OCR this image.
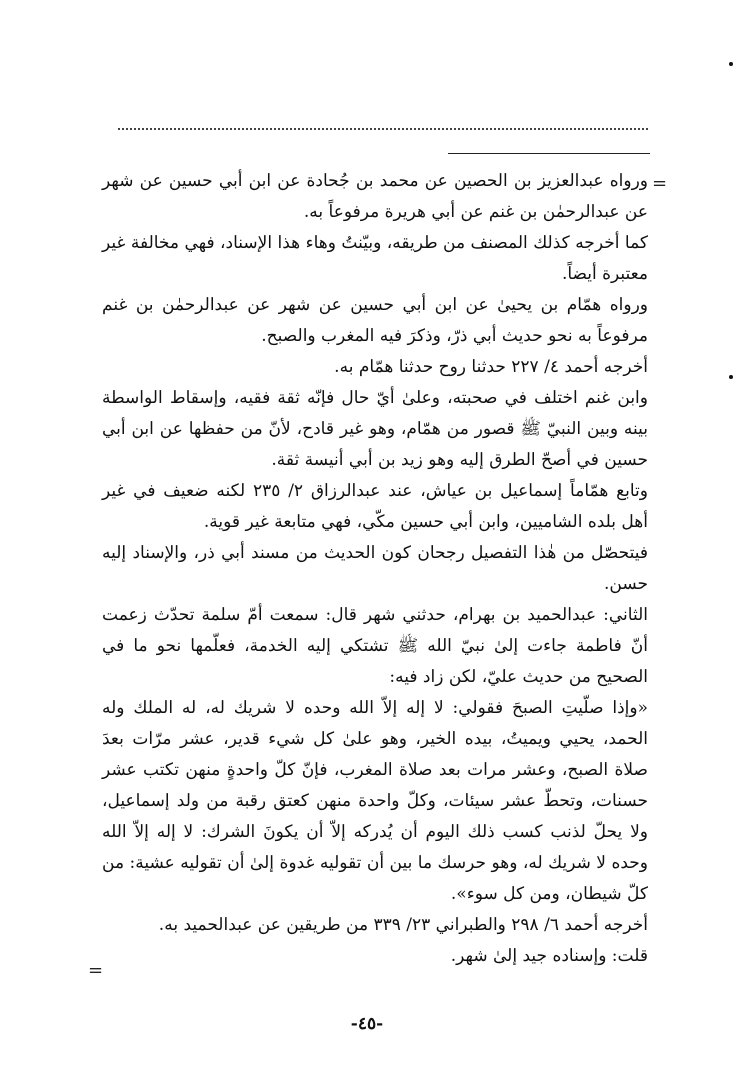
=
=

ورواه عبدالعزيز بن الحصين عن محمد بن جُحادة عن ابن أبي حسين عن شهر عن عبدالرحمٰن بن غنم عن أبي هريرة مرفوعاً به.

كما أخرجه كذلك المصنف من طريقه، وبيّنتُ وهاء هذا الإسناد، فهي مخالفة غير معتبرة أيضاً.

ورواه همّام بن يحيىٰ عن ابن أبي حسين عن شهر عن عبدالرحمٰن بن غنم مرفوعاً به نحو حديث أبي ذرّ، وذكرَ فيه المغرب والصبح.

أخرجه أحمد ٤/ ٢٢٧ حدثنا روح حدثنا همّام به.

وابن غنم اختلف في صحبته، وعلىٰ أيّ حال فإنّه ثقة فقيه، وإسقاط الواسطة بينه وبين النبيّ ﷺ قصور من همّام، وهو غير قادح، لأنّ من حفظها عن ابن أبي حسين في أصحّ الطرق إليه وهو زيد بن أبي أنيسة ثقة.

وتابع همّاماً إسماعيل بن عياش، عند عبدالرزاق ٢/ ٢٣٥ لكنه ضعيف في غير أهل بلده الشاميين، وابن أبي حسين مكّي، فهي متابعة غير قوية.

فيتحصّل من هٰذا التفصيل رجحان كون الحديث من مسند أبي ذر، والإسناد إليه حسن.

الثاني: عبدالحميد بن بهرام، حدثني شهر قال: سمعت أمّ سلمة تحدّث زعمت أنّ فاطمة جاءت إلىٰ نبيّ الله ﷺ تشتكي إليه الخدمة، فعلّمها نحو ما في الصحيح من حديث عليّ، لكن زاد فيه:

«وإذا صلّيتِ الصبحَ فقولي: لا إله إلاّ الله وحده لا شريك له، له الملك وله الحمد، يحيي ويميتُ، بيده الخير، وهو علىٰ كل شيء قدير، عشر مرّات بعدَ صلاة الصبح، وعشر مرات بعد صلاة المغرب، فإنّ كلّ واحدةٍ منهن تكتب عشر حسنات، وتحطّ عشر سيئات، وكلّ واحدة منهن كعتق رقبة من ولد إسماعيل، ولا يحلّ لذنب كسب ذلك اليوم أن يُدركه إلاّ أن يكونَ الشرك: لا إله إلاّ الله وحده لا شريك له، وهو حرسك ما بين أن تقوليه غدوة إلىٰ أن تقوليه عشية: من كلّ شيطان، ومن كل سوء».

أخرجه أحمد ٦/ ٢٩٨ والطبراني ٢٣/ ٣٣٩ من طريقين عن عبدالحميد به.

قلت: وإسناده جيد إلىٰ شهر.

-٤٥-
